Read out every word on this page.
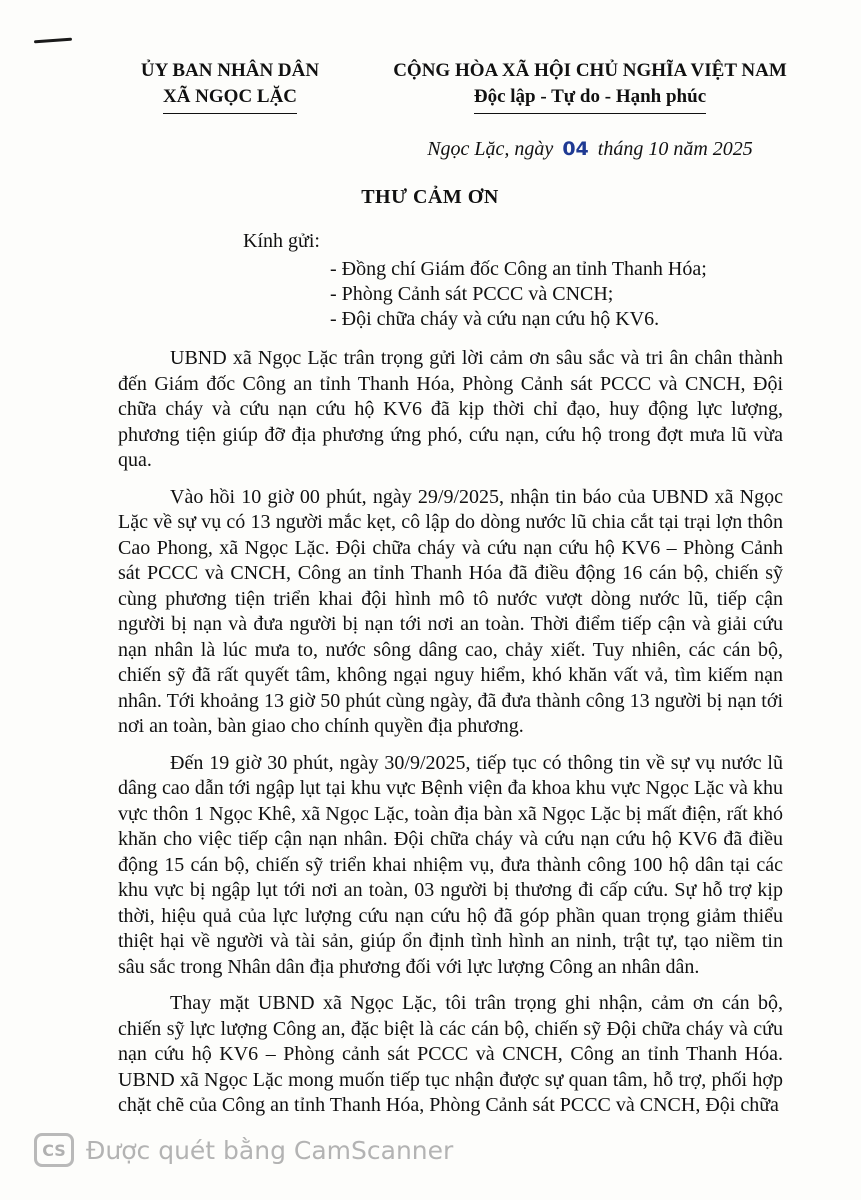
ỦY BAN NHÂN DÂN
XÃ NGỌC LẶC
CỘNG HÒA XÃ HỘI CHỦ NGHĨA VIỆT NAM
Độc lập - Tự do - Hạnh phúc
Ngọc Lặc, ngày 04 tháng 10 năm 2025
THƯ CẢM ƠN
Kính gửi:
- Đồng chí Giám đốc Công an tỉnh Thanh Hóa;
- Phòng Cảnh sát PCCC và CNCH;
- Đội chữa cháy và cứu nạn cứu hộ KV6.

UBND xã Ngọc Lặc trân trọng gửi lời cảm ơn sâu sắc và tri ân chân thành đến Giám đốc Công an tỉnh Thanh Hóa, Phòng Cảnh sát PCCC và CNCH, Đội chữa cháy và cứu nạn cứu hộ KV6 đã kịp thời chỉ đạo, huy động lực lượng, phương tiện giúp đỡ địa phương ứng phó, cứu nạn, cứu hộ trong đợt mưa lũ vừa qua.

Vào hồi 10 giờ 00 phút, ngày 29/9/2025, nhận tin báo của UBND xã Ngọc Lặc về sự vụ có 13 người mắc kẹt, cô lập do dòng nước lũ chia cắt tại trại lợn thôn Cao Phong, xã Ngọc Lặc. Đội chữa cháy và cứu nạn cứu hộ KV6 – Phòng Cảnh sát PCCC và CNCH, Công an tỉnh Thanh Hóa đã điều động 16 cán bộ, chiến sỹ cùng phương tiện triển khai đội hình mô tô nước vượt dòng nước lũ, tiếp cận người bị nạn và đưa người bị nạn tới nơi an toàn. Thời điểm tiếp cận và giải cứu nạn nhân là lúc mưa to, nước sông dâng cao, chảy xiết. Tuy nhiên, các cán bộ, chiến sỹ đã rất quyết tâm, không ngại nguy hiểm, khó khăn vất vả, tìm kiếm nạn nhân. Tới khoảng 13 giờ 50 phút cùng ngày, đã đưa thành công 13 người bị nạn tới nơi an toàn, bàn giao cho chính quyền địa phương.

Đến 19 giờ 30 phút, ngày 30/9/2025, tiếp tục có thông tin về sự vụ nước lũ dâng cao dẫn tới ngập lụt tại khu vực Bệnh viện đa khoa khu vực Ngọc Lặc và khu vực thôn 1 Ngọc Khê, xã Ngọc Lặc, toàn địa bàn xã Ngọc Lặc bị mất điện, rất khó khăn cho việc tiếp cận nạn nhân. Đội chữa cháy và cứu nạn cứu hộ KV6 đã điều động 15 cán bộ, chiến sỹ triển khai nhiệm vụ, đưa thành công 100 hộ dân tại các khu vực bị ngập lụt tới nơi an toàn, 03 người bị thương đi cấp cứu. Sự hỗ trợ kịp thời, hiệu quả của lực lượng cứu nạn cứu hộ đã góp phần quan trọng giảm thiểu thiệt hại về người và tài sản, giúp ổn định tình hình an ninh, trật tự, tạo niềm tin sâu sắc trong Nhân dân địa phương đối với lực lượng Công an nhân dân.

Thay mặt UBND xã Ngọc Lặc, tôi trân trọng ghi nhận, cảm ơn cán bộ, chiến sỹ lực lượng Công an, đặc biệt là các cán bộ, chiến sỹ Đội chữa cháy và cứu nạn cứu hộ KV6 – Phòng cảnh sát PCCC và CNCH, Công an tỉnh Thanh Hóa. UBND xã Ngọc Lặc mong muốn tiếp tục nhận được sự quan tâm, hỗ trợ, phối hợp chặt chẽ của Công an tỉnh Thanh Hóa, Phòng Cảnh sát PCCC và CNCH, Đội chữa

CS Được quét bằng CamScanner
